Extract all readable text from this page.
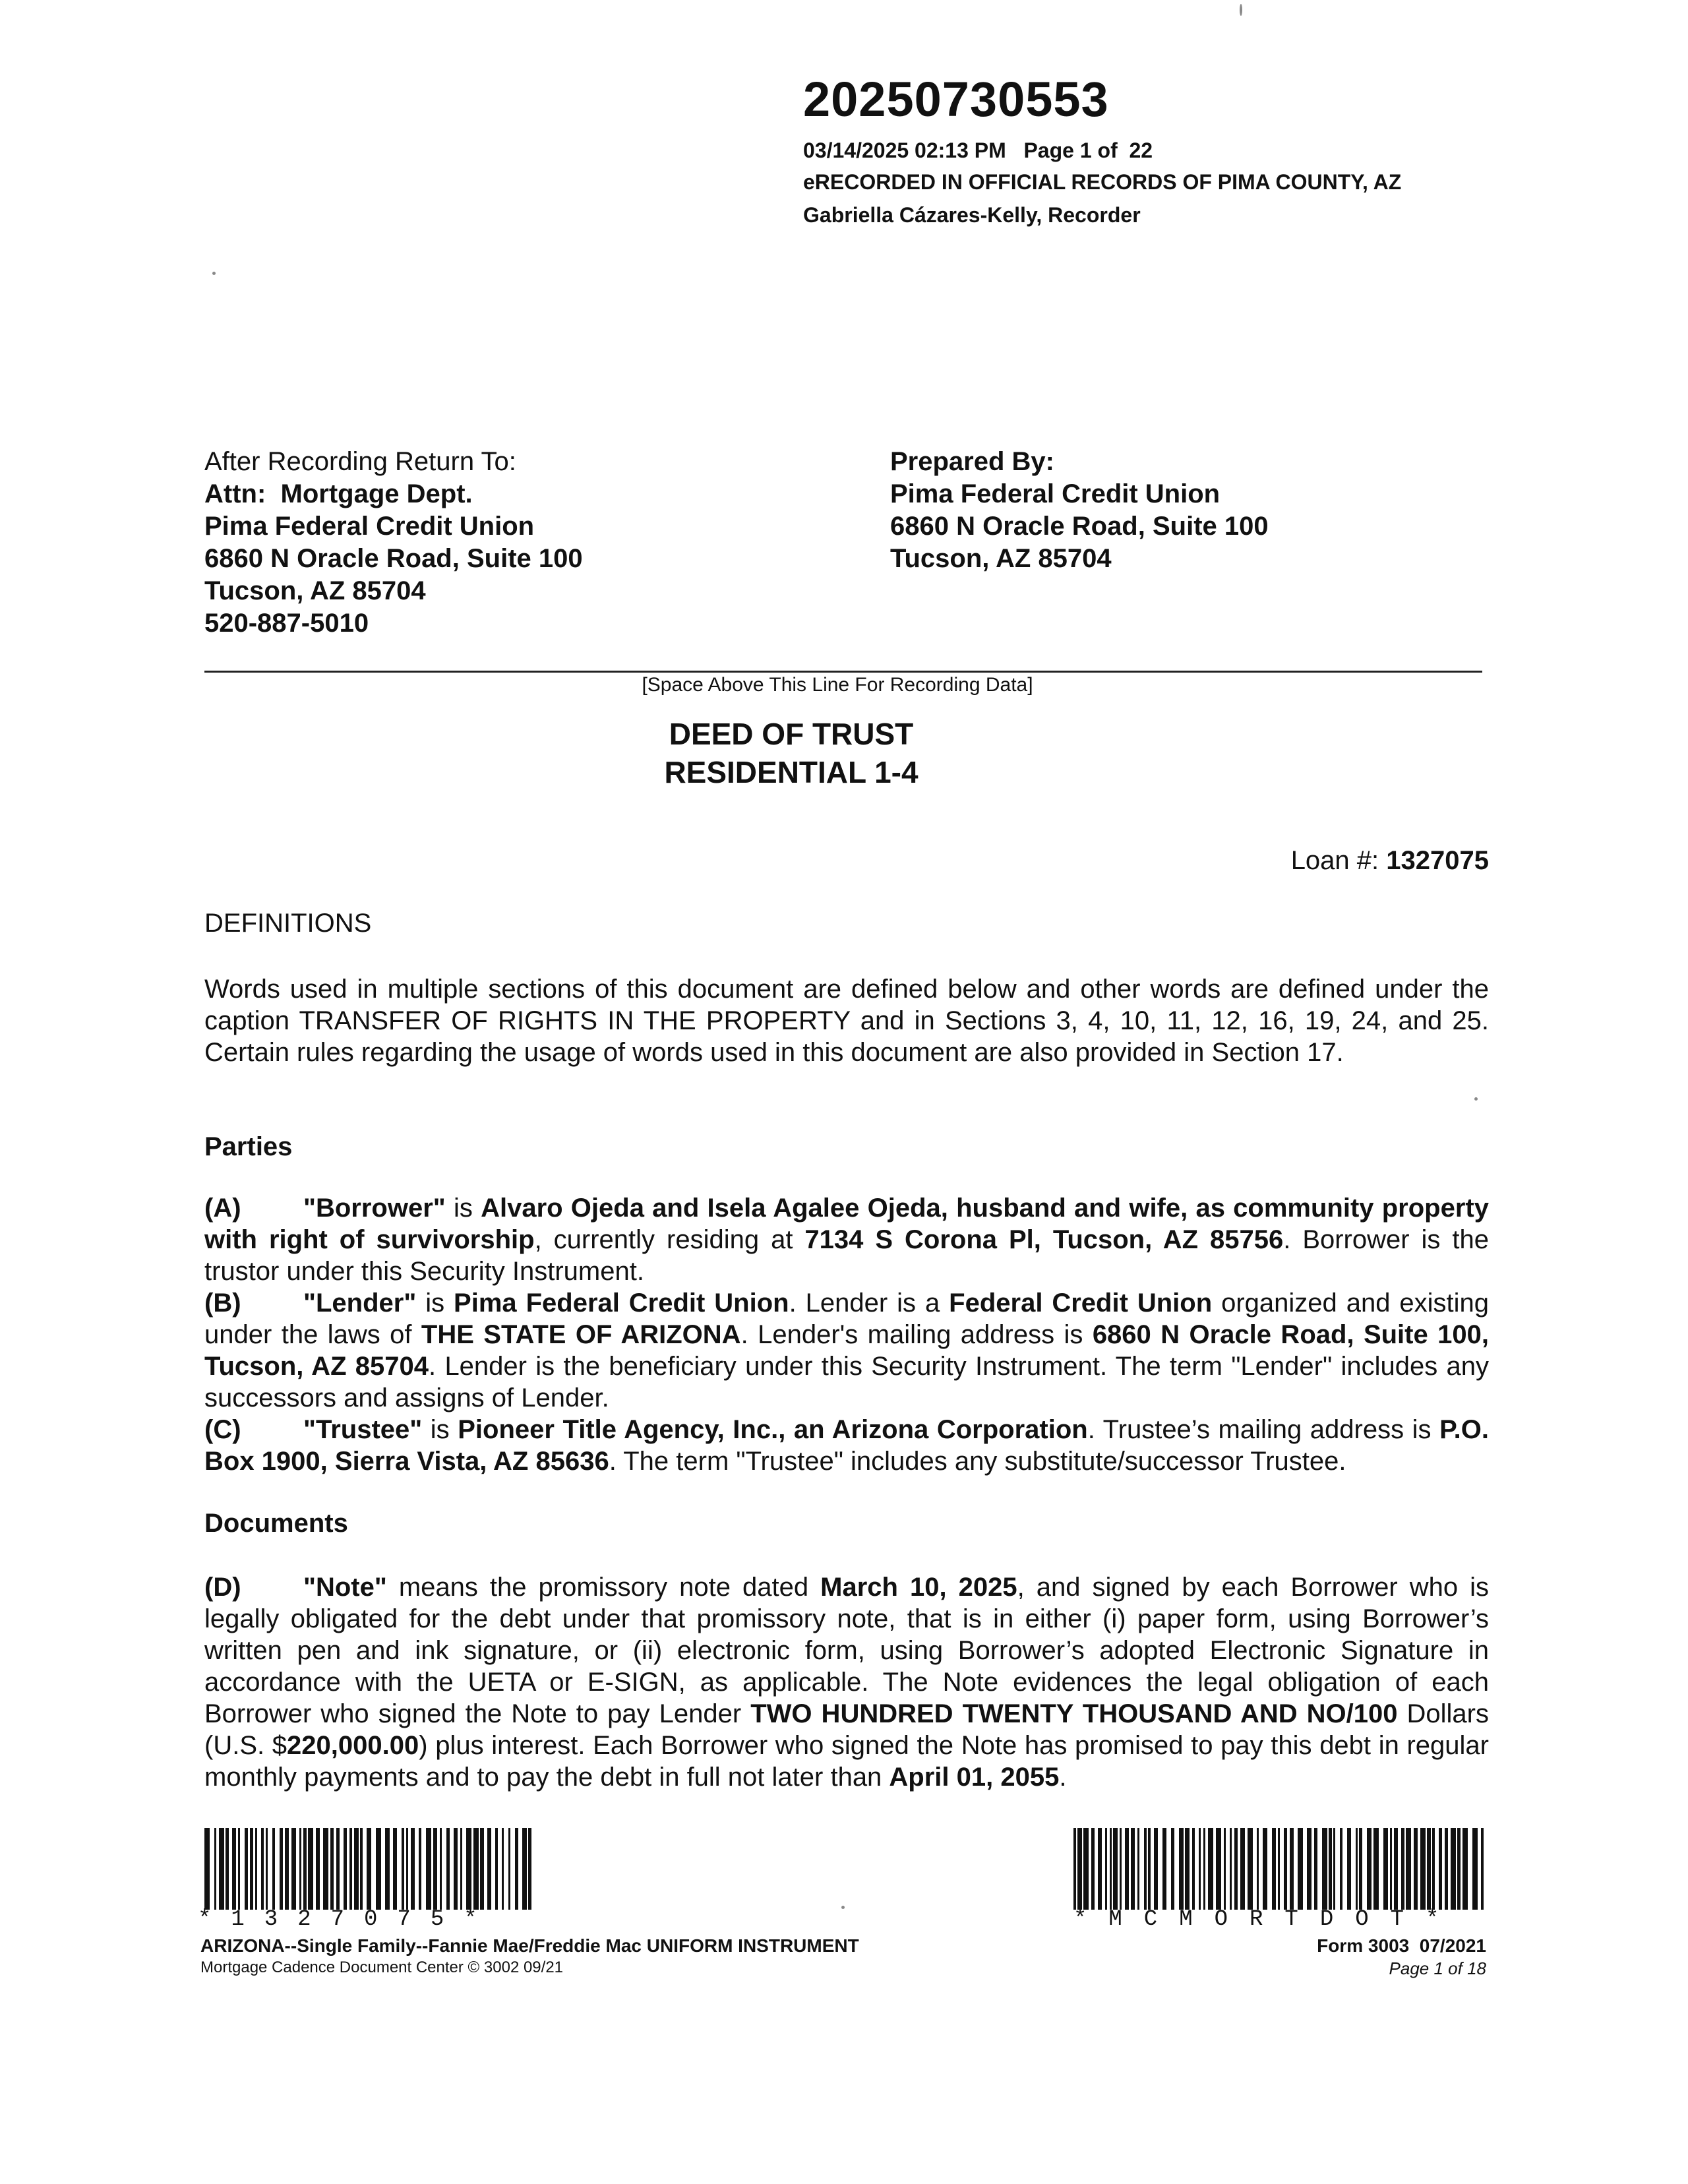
20250730553
03/14/2025 02:13 PM   Page 1 of  22
eRECORDED IN OFFICIAL RECORDS OF PIMA COUNTY, AZ
Gabriella Cázares-Kelly, Recorder
After Recording Return To:
Attn:  Mortgage Dept.
Pima Federal Credit Union
6860 N Oracle Road, Suite 100
Tucson, AZ 85704
520-887-5010
Prepared By:
Pima Federal Credit Union
6860 N Oracle Road, Suite 100
Tucson, AZ 85704
[Space Above This Line For Recording Data]
DEED OF TRUST
RESIDENTIAL 1-4
Loan #: 1327075
DEFINITIONS
Words used in multiple sections of this document are defined below and other words are defined under the caption TRANSFER OF RIGHTS IN THE PROPERTY and in Sections 3, 4, 10, 11, 12, 16, 19, 24, and 25. Certain rules regarding the usage of words used in this document are also provided in Section 17.
Parties
(A) "Borrower" is Alvaro Ojeda and Isela Agalee Ojeda, husband and wife, as community property with right of survivorship, currently residing at 7134 S Corona Pl, Tucson, AZ 85756. Borrower is the trustor under this Security Instrument.
(B) "Lender" is Pima Federal Credit Union. Lender is a Federal Credit Union organized and existing under the laws of THE STATE OF ARIZONA. Lender's mailing address is 6860 N Oracle Road, Suite 100, Tucson, AZ 85704. Lender is the beneficiary under this Security Instrument. The term "Lender" includes any successors and assigns of Lender.
(C) "Trustee" is Pioneer Title Agency, Inc., an Arizona Corporation. Trustee’s mailing address is P.O. Box 1900, Sierra Vista, AZ 85636. The term "Trustee" includes any substitute/successor Trustee.
Documents
(D) "Note" means the promissory note dated March 10, 2025, and signed by each Borrower who is legally obligated for the debt under that promissory note, that is in either (i) paper form, using Borrower’s written pen and ink signature, or (ii) electronic form, using Borrower’s adopted Electronic Signature in accordance with the UETA or E-SIGN, as applicable. The Note evidences the legal obligation of each Borrower who signed the Note to pay Lender TWO HUNDRED TWENTY THOUSAND AND NO/100 Dollars (U.S. $220,000.00) plus interest. Each Borrower who signed the Note has promised to pay this debt in regular monthly payments and to pay the debt in full not later than April 01, 2055.
*1327075*	*MCMORTDOT*
ARIZONA--Single Family--Fannie Mae/Freddie Mac UNIFORM INSTRUMENT
Mortgage Cadence Document Center © 3002 09/21
Form 3003  07/2021
Page 1 of 18
